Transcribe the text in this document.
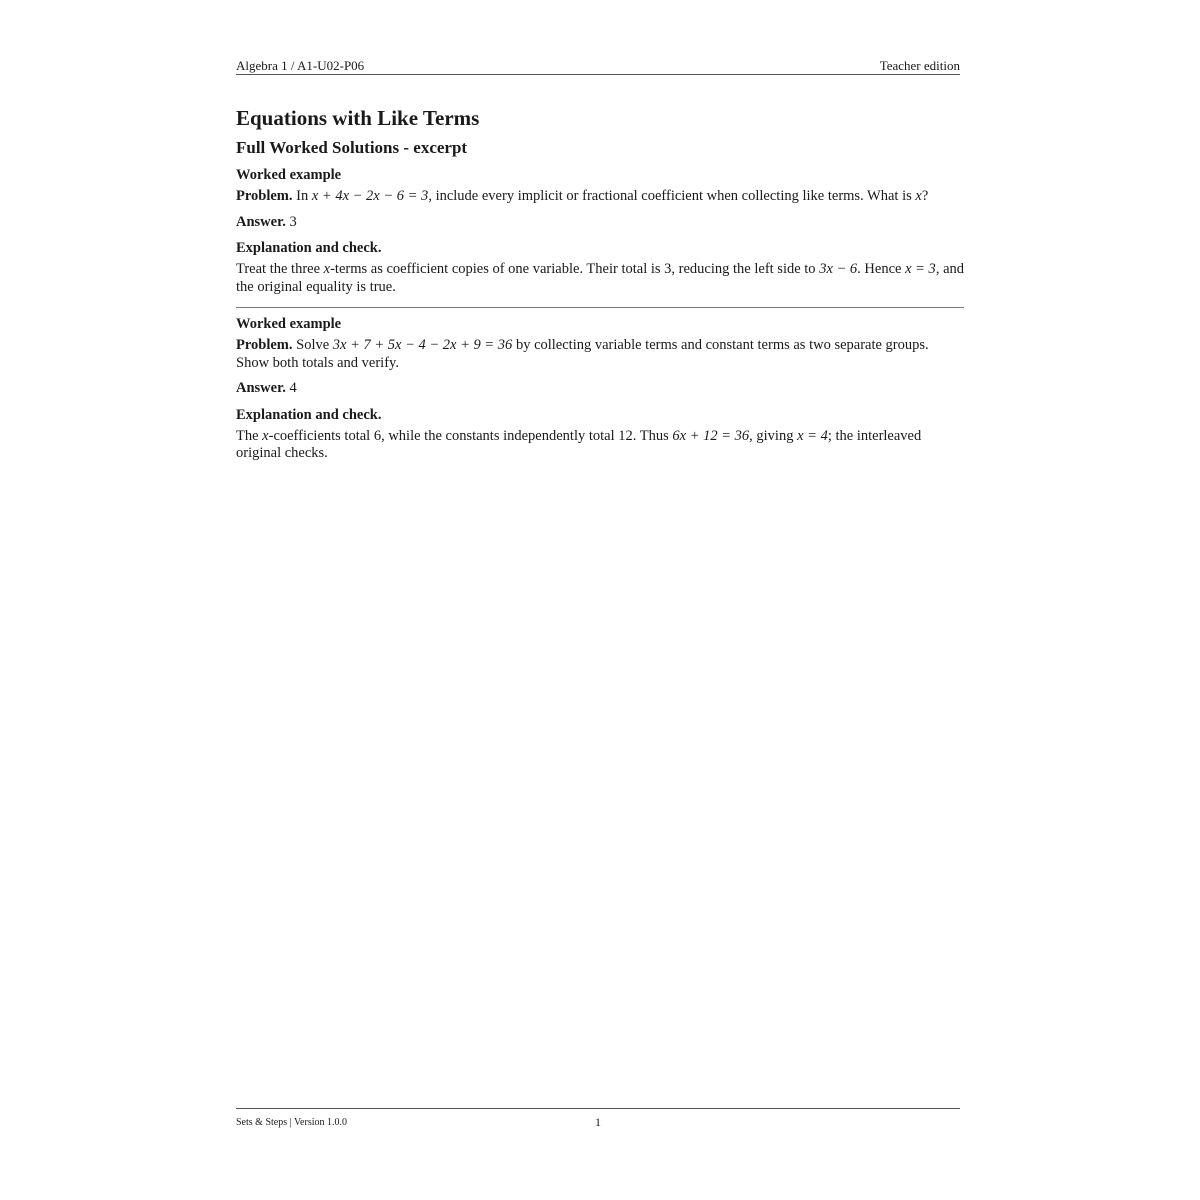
Algebra 1 / A1-U02-P06	Teacher edition
Equations with Like Terms
Full Worked Solutions - excerpt
Worked example

Problem. In x + 4x − 2x − 6 = 3, include every implicit or fractional coefficient when collecting like terms. What is x?

Answer. 3

Explanation and check.

Treat the three x-terms as coefficient copies of one variable. Their total is 3, reducing the left side to 3x − 6. Hence x = 3, and the original equality is true.

Worked example

Problem. Solve 3x + 7 + 5x − 4 − 2x + 9 = 36 by collecting variable terms and constant terms as two separate groups. Show both totals and verify.

Answer. 4

Explanation and check.

The x-coefficients total 6, while the constants independently total 12. Thus 6x + 12 = 36, giving x = 4; the interleaved original checks.

Sets & Steps | Version 1.0.0	1
